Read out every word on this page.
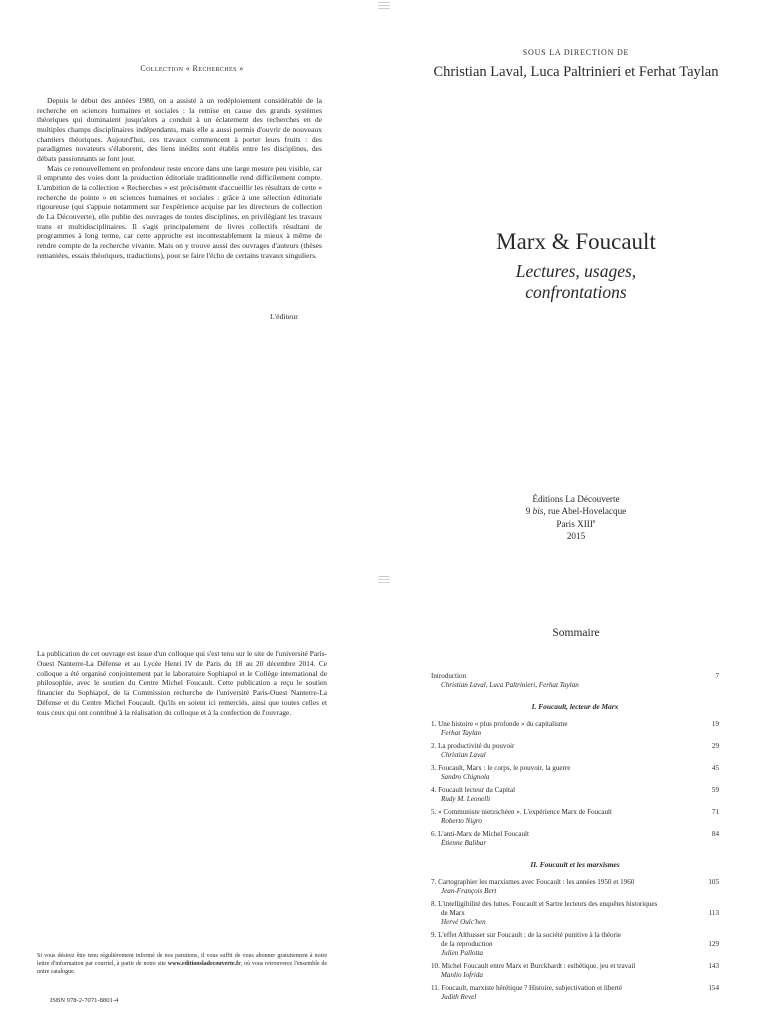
Collection « Recherches »

Depuis le début des années 1980, on a assisté à un redéploiement considérable de la recherche en sciences humaines et sociales : la remise en cause des grands systèmes théoriques qui dominaient jusqu'alors a conduit à un éclatement des recherches en de multiples champs disciplinaires indépendants, mais elle a aussi permis d'ouvrir de nouveaux chantiers théoriques. Aujourd'hui, ces travaux commencent à porter leurs fruits : des paradigmes novateurs s'élaborent, des liens inédits sont établis entre les disciplines, des débats passionnants se font jour.

Mais ce renouvellement en profondeur reste encore dans une large mesure peu visible, car il emprunte des voies dont la production éditoriale traditionnelle rend difficilement compte. L'ambition de la collection « Recherches » est précisément d'accueillir les résultats de cette « recherche de pointe » en sciences humaines et sociales : grâce à une sélection éditoriale rigoureuse (qui s'appuie notamment sur l'expérience acquise par les directeurs de collection de La Découverte), elle publie des ouvrages de toutes disciplines, en privilégiant les travaux trans et multidisciplinaires. Il s'agit principalement de livres collectifs résultant de programmes à long terme, car cette approche est incontestablement la mieux à même de rendre compte de la recherche vivante. Mais on y trouve aussi des ouvrages d'auteurs (thèses remaniées, essais théoriques, traductions), pour se faire l'écho de certains travaux singuliers.

L'éditeur
SOUS LA DIRECTION DE
Christian Laval, Luca Paltrinieri et Ferhat Taylan
Marx & Foucault
Lectures, usages,
confrontations
Éditions La Découverte
9 bis, rue Abel-Hovelacque
Paris XIIIe
2015

La publication de cet ouvrage est issue d'un colloque qui s'est tenu sur le site de l'université Paris-Ouest Nanterre-La Défense et au Lycée Henri IV de Paris du 18 au 20 décembre 2014. Ce colloque a été organisé conjointement par le laboratoire Sophiapol et le Collège international de philosophie, avec le soutien du Centre Michel Foucault. Cette publication a reçu le soutien financier du Sophiapol, de la Commission recherche de l'université Paris-Ouest Nanterre-La Défense et du Centre Michel Foucault. Qu'ils en soient ici remerciés, ainsi que toutes celles et tous ceux qui ont contribué à la réalisation du colloque et à la confection de l'ouvrage.

Si vous désirez être tenu régulièrement informé de nos parutions, il vous suffit de vous abonner gratuitement à notre lettre d'information par courriel, à partir de notre site www.editionsladecouverte.fr, où vous retrouverez l'ensemble de notre catalogue.
ISBN 978-2-7071-8801-4
Sommaire
Introduction
Christian Laval, Luca Paltrinieri, Ferhat Taylan
7
I. Foucault, lecteur de Marx
1. Une histoire « plus profonde » du capitalisme
Ferhat Taylan
19
2. La productivité du pouvoir
Christian Laval
29
3. Foucault, Marx : le corps, le pouvoir, la guerre
Sandro Chignola
45
4. Foucault lecteur du Capital
Rudy M. Leonelli
59
5. « Communiste nietzschéen ». L'expérience Marx de Foucault
Roberto Nigro
71
6. L'anti-Marx de Michel Foucault
Étienne Balibar
84
II. Foucault et les marxismes
7. Cartographier les marxismes avec Foucault : les années 1950 et 1960
Jean-François Bert
105
8. L'intelligibilité des luttes. Foucault et Sartre lecteurs des enquêtes historiques
de Marx
Hervé Oulc'hen
113
9. L'effet Althusser sur Foucault : de la société punitive à la théorie
de la reproduction
Julien Pallotta
129
10. Michel Foucault entre Marx et Burckhardt : esthétique, jeu et travail
Manlio Iofrida
143
11. Foucault, marxiste hérétique ? Histoire, subjectivation et liberté
Judith Revel
154
